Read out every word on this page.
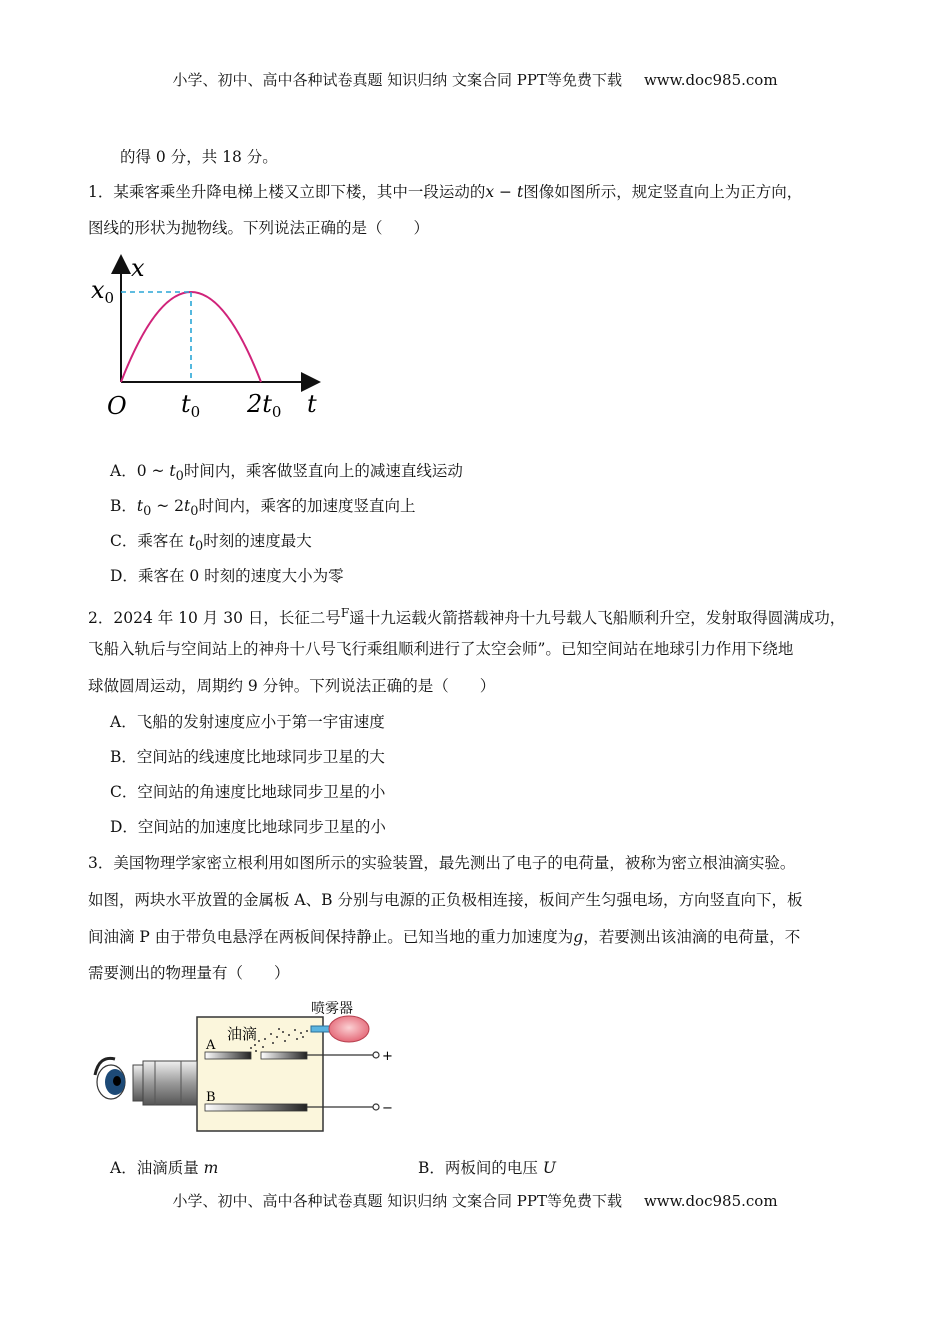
小学、初中、高中各种试卷真题 知识归纳 文案合同 PPT等免费下载 www.doc985.com
的得 0 分，共 18 分。
1．某乘客乘坐升降电梯上楼又立即下楼，其中一段运动的x − t图像如图所示，规定竖直向上为正方向，
图线的形状为抛物线。下列说法正确的是（　　）
x
$x_0$
O $t_0$ $2t_0$ t
A．0 ~ $t_0$时间内，乘客做竖直向上的减速直线运动
B．$t_0$ ~ $2t_0$时间内，乘客的加速度竖直向上
C．乘客在 $t_0$时刻的速度最大
D．乘客在 0 时刻的速度大小为零
2．2024 年 10 月 30 日，长征二号$^F$遥十九运载火箭搭载神舟十九号载人飞船顺利升空，发射取得圆满成功，
飞船入轨后与空间站上的神舟十八号飞行乘组顺利进行了太空会师”。已知空间站在地球引力作用下绕地
球做圆周运动，周期约 9 分钟。下列说法正确的是（　　）
A．飞船的发射速度应小于第一宇宙速度
B．空间站的线速度比地球同步卫星的大
C．空间站的角速度比地球同步卫星的小
D．空间站的加速度比地球同步卫星的小
3．美国物理学家密立根利用如图所示的实验装置，最先测出了电子的电荷量，被称为密立根油滴实验。
如图，两块水平放置的金属板 A、B 分别与电源的正负极相连接，板间产生匀强电场，方向竖直向下，板
间油滴 P 由于带负电悬浮在两板间保持静止。已知当地的重力加速度为g，若要测出该油滴的电荷量，不
需要测出的物理量有（　　）
喷雾器
油滴
A
B
+
−
A．油滴质量 m	B．两板间的电压 U
小学、初中、高中各种试卷真题 知识归纳 文案合同 PPT等免费下载 www.doc985.com
